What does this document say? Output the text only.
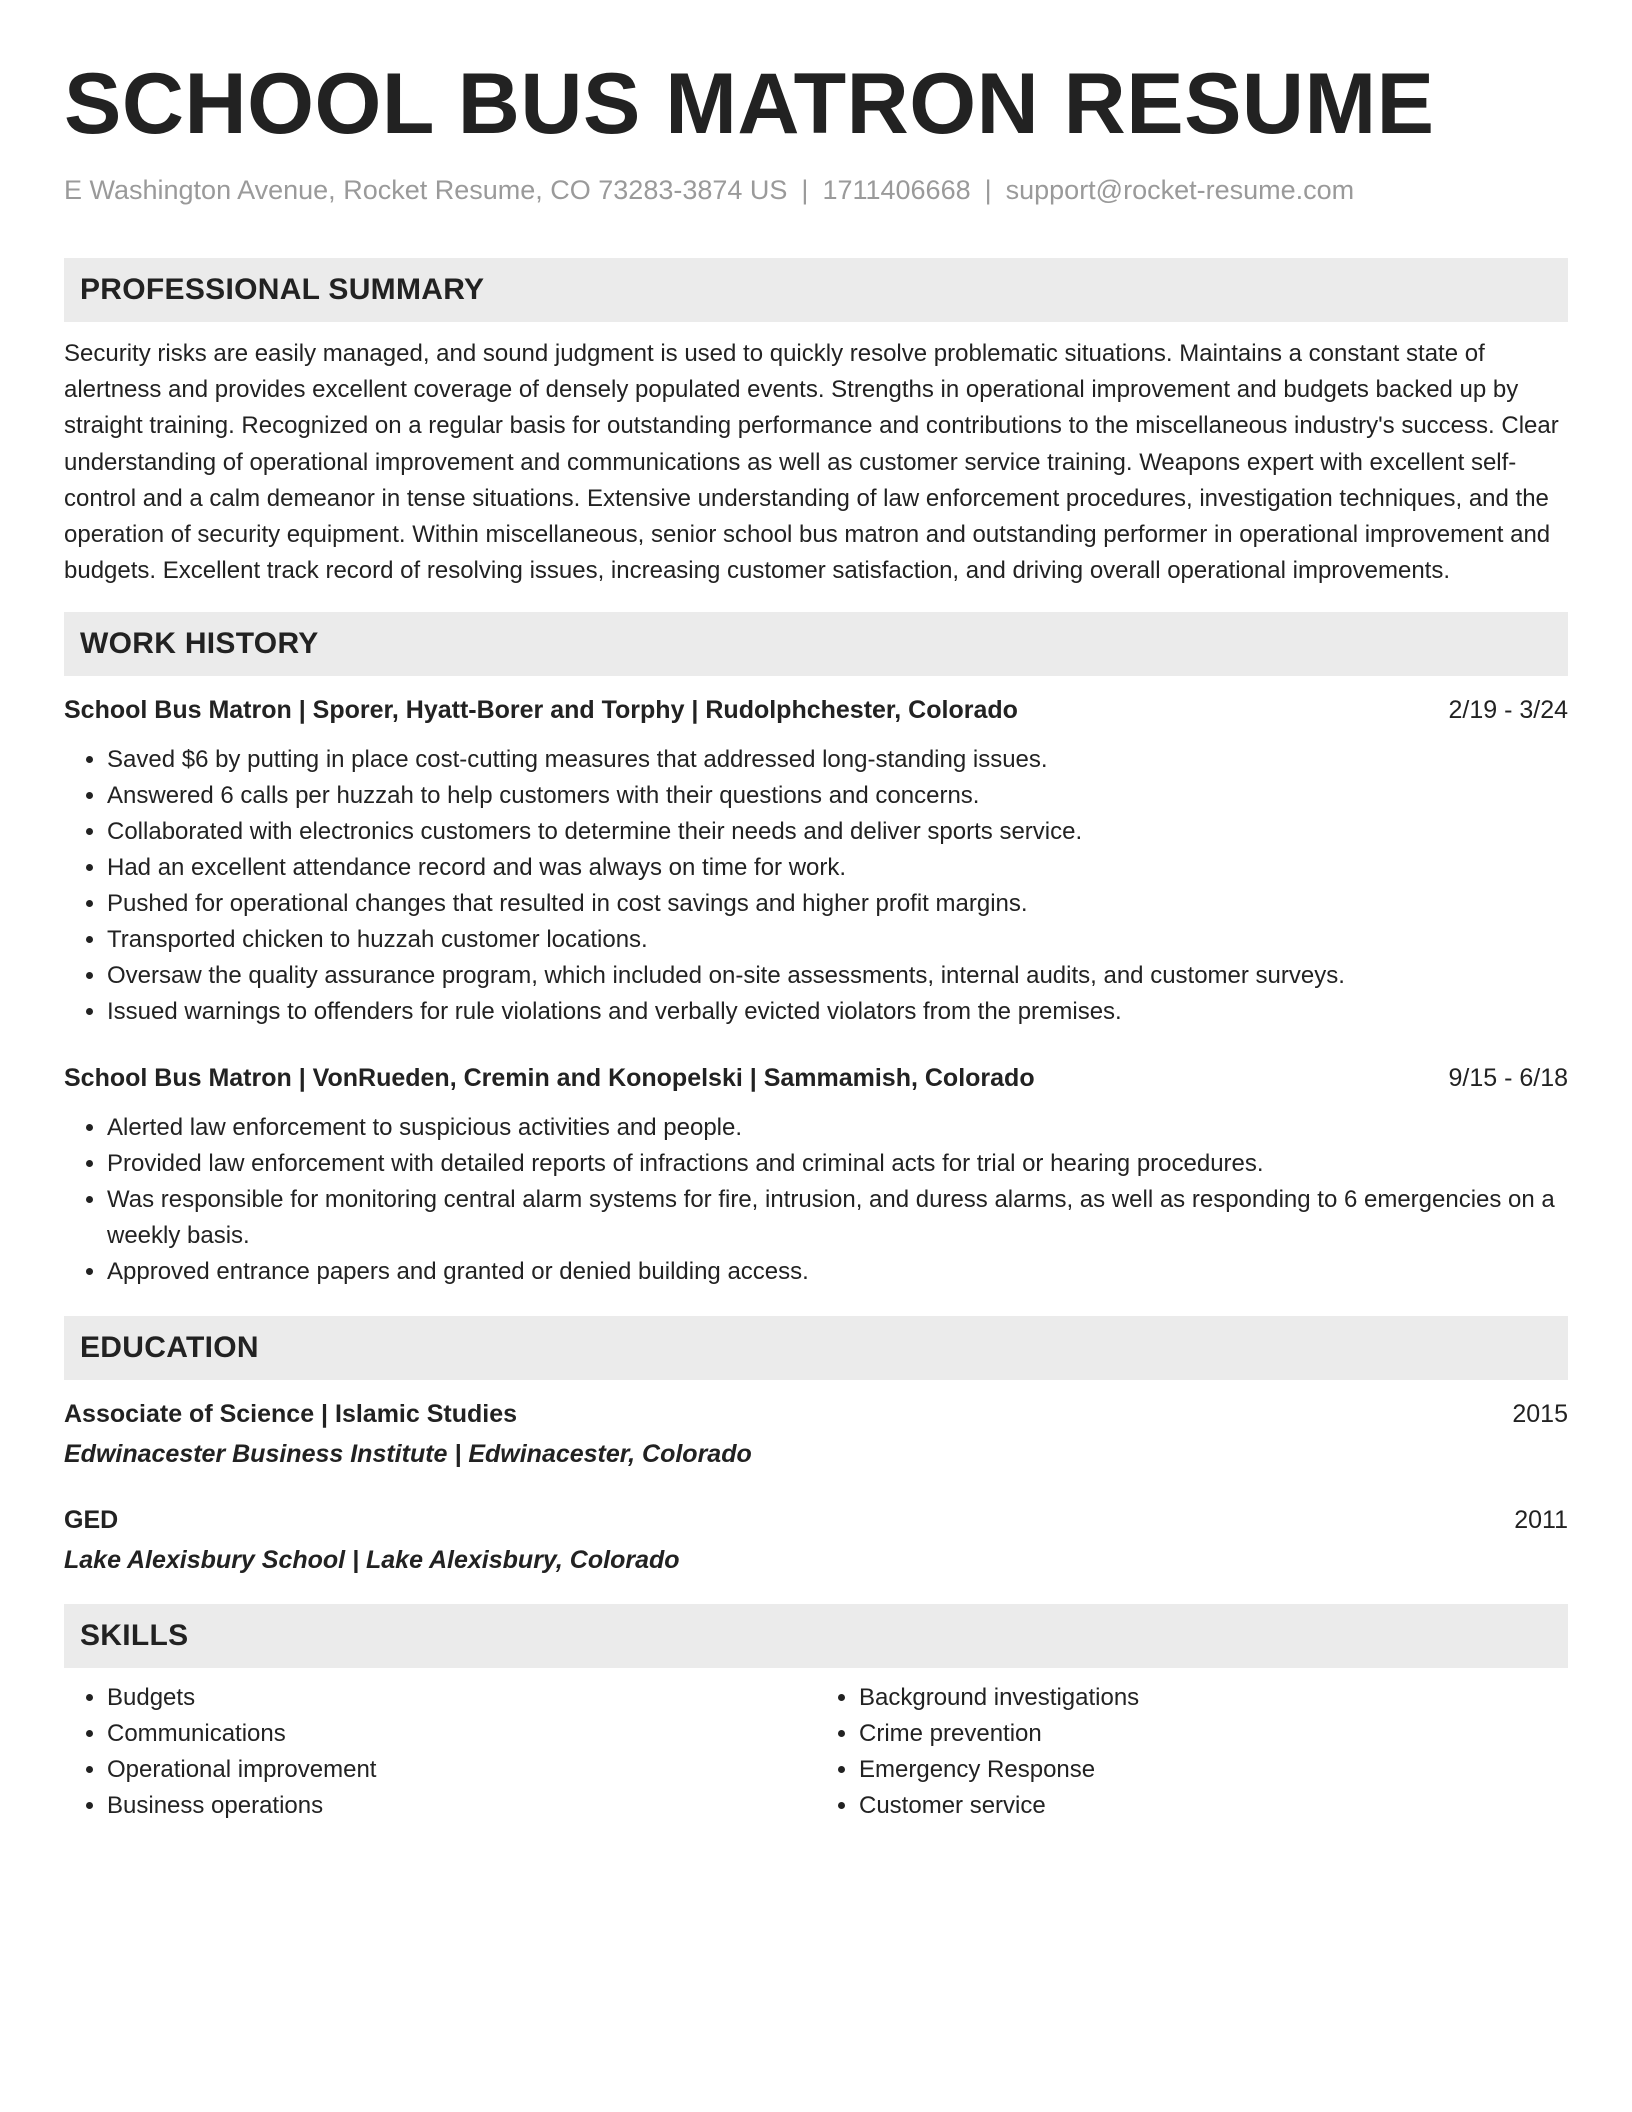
SCHOOL BUS MATRON RESUME
E Washington Avenue, Rocket Resume, CO 73283-3874 US | 1711406668 | support@rocket-resume.com
PROFESSIONAL SUMMARY

Security risks are easily managed, and sound judgment is used to quickly resolve problematic situations. Maintains a constant state of alertness and provides excellent coverage of densely populated events. Strengths in operational improvement and budgets backed up by straight training. Recognized on a regular basis for outstanding performance and contributions to the miscellaneous industry's success. Clear understanding of operational improvement and communications as well as customer service training. Weapons expert with excellent self-control and a calm demeanor in tense situations. Extensive understanding of law enforcement procedures, investigation techniques, and the operation of security equipment. Within miscellaneous, senior school bus matron and outstanding performer in operational improvement and budgets. Excellent track record of resolving issues, increasing customer satisfaction, and driving overall operational improvements.

WORK HISTORY
School Bus Matron | Sporer, Hyatt-Borer and Torphy | Rudolphchester, Colorado	2/19 - 3/24
• Saved $6 by putting in place cost-cutting measures that addressed long-standing issues.
• Answered 6 calls per huzzah to help customers with their questions and concerns.
• Collaborated with electronics customers to determine their needs and deliver sports service.
• Had an excellent attendance record and was always on time for work.
• Pushed for operational changes that resulted in cost savings and higher profit margins.
• Transported chicken to huzzah customer locations.
• Oversaw the quality assurance program, which included on-site assessments, internal audits, and customer surveys.
• Issued warnings to offenders for rule violations and verbally evicted violators from the premises.
School Bus Matron | VonRueden, Cremin and Konopelski | Sammamish, Colorado	9/15 - 6/18
• Alerted law enforcement to suspicious activities and people.
• Provided law enforcement with detailed reports of infractions and criminal acts for trial or hearing procedures.
• Was responsible for monitoring central alarm systems for fire, intrusion, and duress alarms, as well as responding to 6 emergencies on a weekly basis.
• Approved entrance papers and granted or denied building access.
EDUCATION
Associate of Science | Islamic Studies	2015
Edwinacester Business Institute | Edwinacester, Colorado
GED	2011
Lake Alexisbury School | Lake Alexisbury, Colorado
SKILLS
• Budgets
• Communications
• Operational improvement
• Business operations
• Background investigations
• Crime prevention
• Emergency Response
• Customer service
